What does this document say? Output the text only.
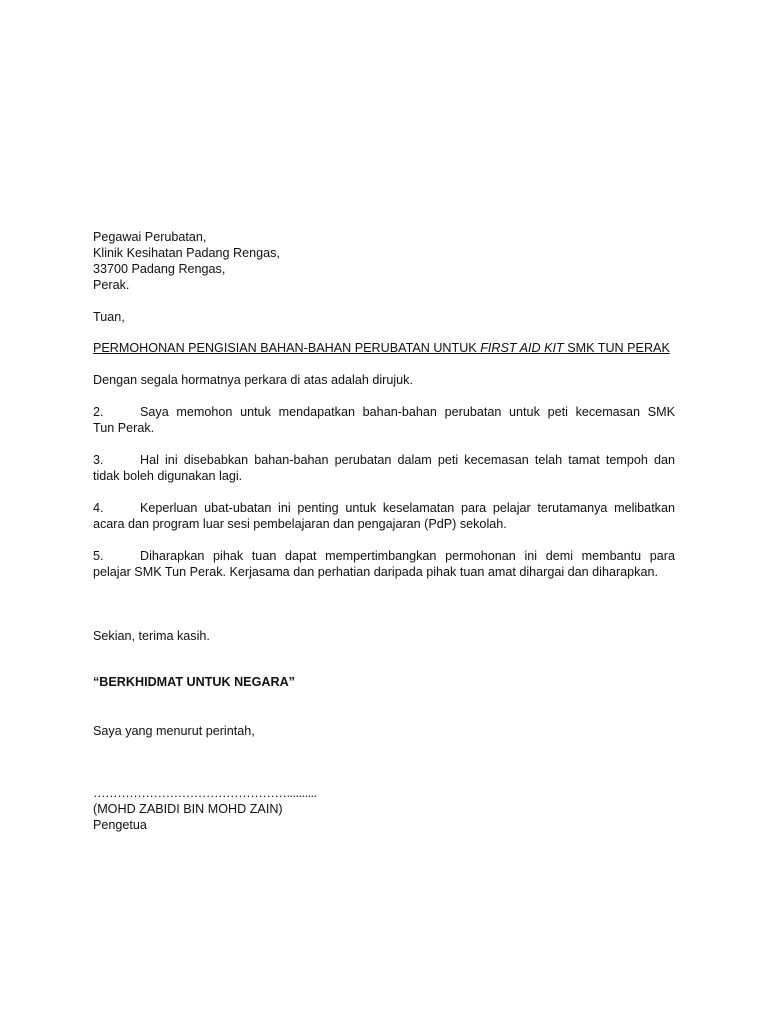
Pegawai Perubatan,
Klinik Kesihatan Padang Rengas,
33700 Padang Rengas,
Perak.
Tuan,
PERMOHONAN PENGISIAN BAHAN-BAHAN PERUBATAN UNTUK FIRST AID KIT SMK TUN PERAK
Dengan segala hormatnya perkara di atas adalah dirujuk.
2.	Saya memohon untuk mendapatkan bahan-bahan perubatan untuk peti kecemasan SMK
Tun Perak.
3.	Hal ini disebabkan bahan-bahan perubatan dalam peti kecemasan telah tamat tempoh dan
tidak boleh digunakan lagi.
4.	Keperluan ubat-ubatan ini penting untuk keselamatan para pelajar terutamanya melibatkan
acara dan program luar sesi pembelajaran dan pengajaran (PdP) sekolah.
5.	Diharapkan pihak tuan dapat mempertimbangkan permohonan ini demi membantu para
pelajar SMK Tun Perak. Kerjasama dan perhatian daripada pihak tuan amat dihargai dan diharapkan.
Sekian, terima kasih.
“BERKHIDMAT UNTUK NEGARA”
Saya yang menurut perintah,
…………………………………………..........
(MOHD ZABIDI BIN MOHD ZAIN)
Pengetua
